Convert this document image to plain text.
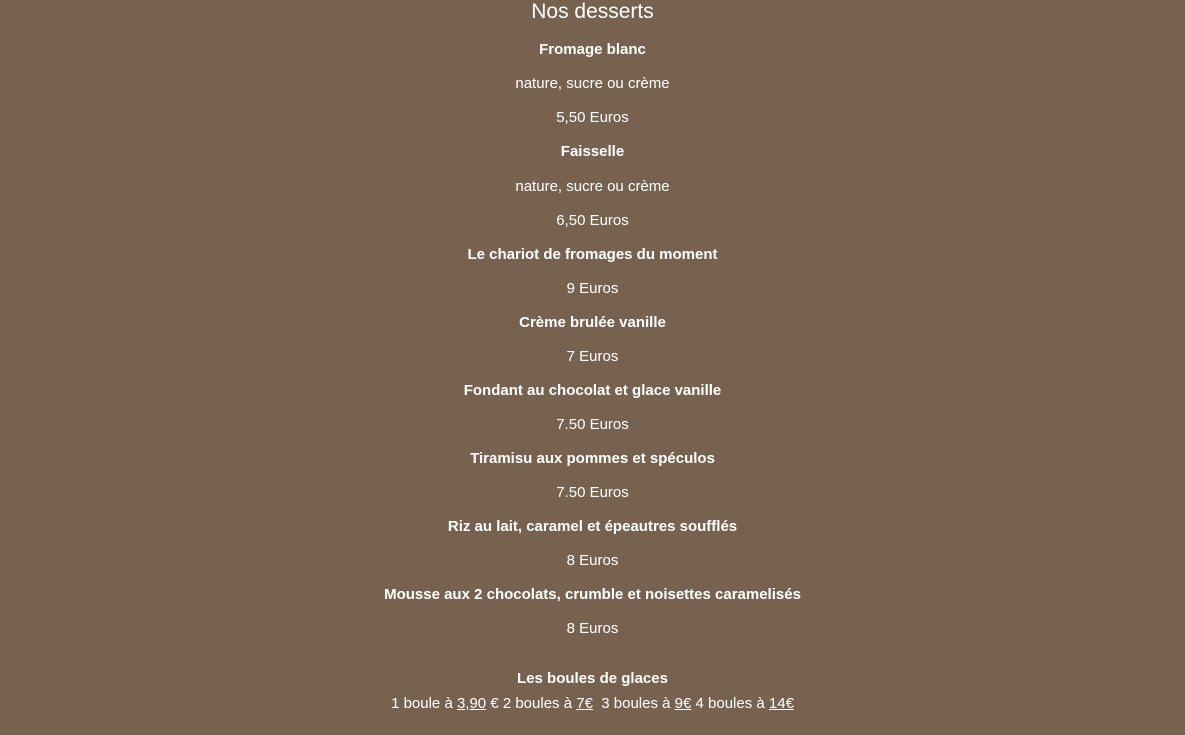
Nos desserts
Fromage blanc
nature, sucre ou crème
5,50 Euros
Faisselle
nature, sucre ou crème
6,50 Euros
Le chariot de fromages du moment
9 Euros
Crème brulée vanille
7 Euros
Fondant au chocolat et glace vanille
7.50 Euros
Tiramisu aux pommes et spéculos
7.50 Euros
Riz au lait, caramel et épeautres soufflés
8 Euros
Mousse aux 2 chocolats, crumble et noisettes caramelisés
8 Euros
Les boules de glaces
1 boule à 3,90 € 2 boules à 7€  3 boules à 9€ 4 boules à 14€
